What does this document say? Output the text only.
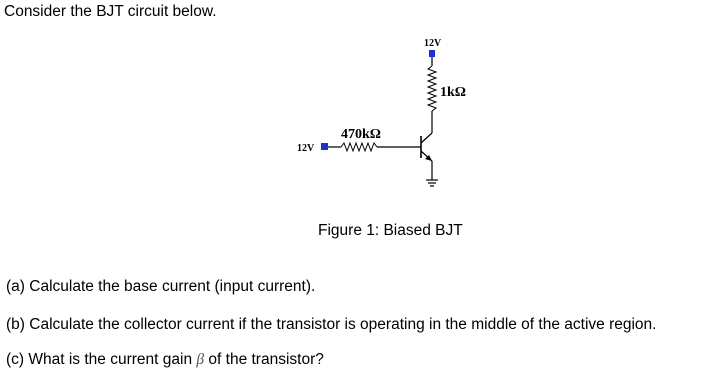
Consider the BJT circuit below.
12V
1kΩ
12V
470kΩ
Figure 1: Biased BJT
(a) Calculate the base current (input current).
(b) Calculate the collector current if the transistor is operating in the middle of the active region.
(c) What is the current gain β of the transistor?
